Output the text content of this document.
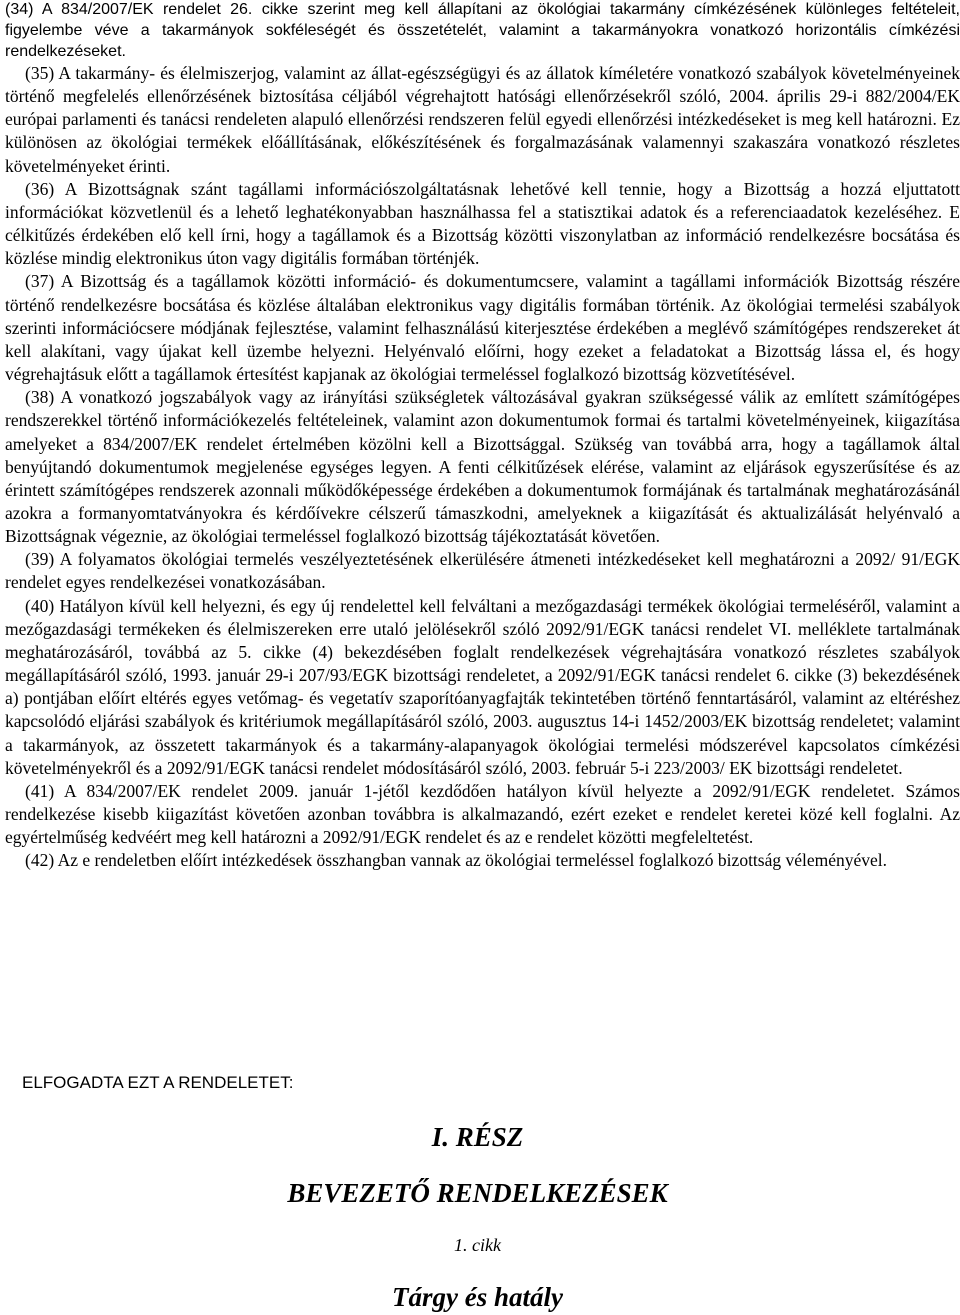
(34) A 834/2007/EK rendelet 26. cikke szerint meg kell állapítani az ökológiai takarmány címkézésének különleges feltételeit, figyelembe véve a takarmányok sokféleségét és összetételét, valamint a takarmányokra vonatkozó horizontális címkézési rendelkezéseket.

(35) A takarmány- és élelmiszerjog, valamint az állat-egészségügyi és az állatok kíméletére vonatkozó szabályok követelményeinek történő megfelelés ellenőrzésének biztosítása céljából végrehajtott hatósági ellenőrzésekről szóló, 2004. április 29-i 882/2004/EK európai parlamenti és tanácsi rendeleten alapuló ellenőrzési rendszeren felül egyedi ellenőrzési intézkedéseket is meg kell határozni. Ez különösen az ökológiai termékek előállításának, előkészítésének és forgalmazásának valamennyi szakaszára vonatkozó részletes követelményeket érinti.

(36) A Bizottságnak szánt tagállami információszolgáltatásnak lehetővé kell tennie, hogy a Bizottság a hozzá eljuttatott információkat közvetlenül és a lehető leghatékonyabban használhassa fel a statisztikai adatok és a referenciaadatok kezeléséhez. E célkitűzés érdekében elő kell írni, hogy a tagállamok és a Bizottság közötti viszonylatban az információ rendelkezésre bocsátása és közlése mindig elektronikus úton vagy digitális formában történjék.

(37) A Bizottság és a tagállamok közötti információ- és dokumentumcsere, valamint a tagállami információk Bizottság részére történő rendelkezésre bocsátása és közlése általában elektronikus vagy digitális formában történik. Az ökológiai termelési szabályok szerinti információcsere módjának fejlesztése, valamint felhasználású kiterjesztése érdekében a meglévő számítógépes rendszereket át kell alakítani, vagy újakat kell üzembe helyezni. Helyénvaló előírni, hogy ezeket a feladatokat a Bizottság lássa el, és hogy végrehajtásuk előtt a tagállamok értesítést kapjanak az ökológiai termeléssel foglalkozó bizottság közvetítésével.

(38) A vonatkozó jogszabályok vagy az irányítási szükségletek változásával gyakran szükségessé válik az említett számítógépes rendszerekkel történő információkezelés feltételeinek, valamint azon dokumentumok formai és tartalmi követelményeinek, kiigazítása amelyeket a 834/2007/EK rendelet értelmében közölni kell a Bizottsággal. Szükség van továbbá arra, hogy a tagállamok által benyújtandó dokumentumok megjelenése egységes legyen. A fenti célkitűzések elérése, valamint az eljárások egyszerűsítése és az érintett számítógépes rendszerek azonnali működőképessége érdekében a dokumentumok formájának és tartalmának meghatározásánál azokra a formanyomtatványokra és kérdőívekre célszerű támaszkodni, amelyeknek a kiigazítását és aktualizálását helyénvaló a Bizottságnak végeznie, az ökológiai termeléssel foglalkozó bizottság tájékoztatását követően.

(39) A folyamatos ökológiai termelés veszélyeztetésének elkerülésére átmeneti intézkedéseket kell meghatározni a 2092/ 91/EGK rendelet egyes rendelkezései vonatkozásában.

(40) Hatályon kívül kell helyezni, és egy új rendelettel kell felváltani a mezőgazdasági termékek ökológiai termeléséről, valamint a mezőgazdasági termékeken és élelmiszereken erre utaló jelölésekről szóló 2092/91/EGK tanácsi rendelet VI. melléklete tartalmának meghatározásáról, továbbá az 5. cikke (4) bekezdésében foglalt rendelkezések végrehajtására vonatkozó részletes szabályok megállapításáról szóló, 1993. január 29-i 207/93/EGK bizottsági rendeletet, a 2092/91/EGK tanácsi rendelet 6. cikke (3) bekezdésének a) pontjában előírt eltérés egyes vetőmag- és vegetatív szaporítóanyagfajták tekintetében történő fenntartásáról, valamint az eltéréshez kapcsolódó eljárási szabályok és kritériumok megállapításáról szóló, 2003. augusztus 14-i 1452/2003/EK bizottság rendeletet; valamint a takarmányok, az összetett takarmányok és a takarmány-alapanyagok ökológiai termelési módszerével kapcsolatos címkézési követelményekről és a 2092/91/EGK tanácsi rendelet módosításáról szóló, 2003. február 5-i 223/2003/ EK bizottsági rendeletet.

(41) A 834/2007/EK rendelet 2009. január 1-jétől kezdődően hatályon kívül helyezte a 2092/91/EGK rendeletet. Számos rendelkezése kisebb kiigazítást követően azonban továbbra is alkalmazandó, ezért ezeket e rendelet keretei közé kell foglalni. Az egyértelműség kedvéért meg kell határozni a 2092/91/EGK rendelet és az e rendelet közötti megfeleltetést.

(42) Az e rendeletben előírt intézkedések összhangban vannak az ökológiai termeléssel foglalkozó bizottság véleményével.

ELFOGADTA EZT A RENDELETET:

I. RÉSZ
BEVEZETŐ RENDELKEZÉSEK

1. cikk

Tárgy és hatály
